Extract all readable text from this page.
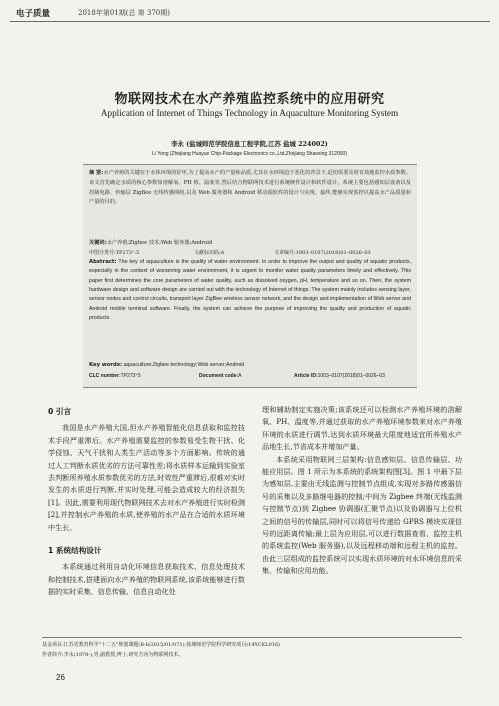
电子质量	2018年第01期(总 第 370期)
物联网技术在水产养殖监控系统中的应用研究
Application of Internet of Things Technology in Aquaculture Monitoring System
李永 (盐城师范学院信息工程学院,江苏 盐城 224002)
Li Yong (Zhejiang Huayue Chip-Package Electronics co.,Ltd,Zhejiang Shaoxing 312000)
摘 要:水产养殖的关键在于水体环境的好坏,为了提高水产的产量和品质,尤其在水环境趋于恶化的背景下,迫切需要及时有效地监控水质参数。该文首先确定水质的核心参数如溶解氧、PH 值、温度等,然后结合物联网技术进行系统硬件设计和软件设计。系统主要包括感知层设备以及控制电路、传输层 ZigBee 无线传感网络,以及 Web 服务器和 Android 移动端软件的设计与实现。最终,能够实现监控以提高水产品质量和产量的目的。
关键词:水产养殖;Zigbee 技术;Web 服务器;Android
中图分类号:TP273⁺.5	文献标识码:A	文章编号:1003–0107(2018)01–0026–03
Abstract: The key of aquaculture is the quality of water environment. In order to improve the output and quality of aquatic products, especially in the context of worsening water environment, it is urgent to monitor water quality parameters timely and effectively. This paper first determines the core parameters of water quality, such as dissolved oxygen, pH, temperature and so on. Then, the system hardware design and software design are carried out with the technology of Internet of things. The system mainly includes sensing layer, sensor nodes and control circuits, transport layer ZigBee wireless sensor network, and the design and implementation of Web server and Android mobile terminal software. Finally, the system can achieve the purpose of improving the quality and production of aquatic products.
Key words: aquaculture;Zigbee technology;Web server;Android
CLC number: TP273⁺5	Document code: A	Article ID: 1003–0107(2018)01–0026–03
0 引言

我国是水产养殖大国,但水产养殖智能化信息获取和监控技术手段严重滞后。水产养殖需要监控的参数易受生物干扰、化学侵蚀、天气干扰和人类生产活动等多个方面影响。传统的通过人工判断水质优劣的方法可靠性差;将水质样本运输到实验室去判断所养殖水质参数优劣的方法,时效性严重滞后,很难对实时发生的水质进行判断,并实时处理,可能会造成较大的经济损失[1]。因此,需要利用现代物联网技术去对水产养殖进行实时检测[2],并控制水产养殖的水质,使养殖的水产品在合适的水质环境中生长。

1 系统结构设计

本系统通过利用自动化环境信息获取技术、信息处理技术和控制技术,搭建面向水产养殖的物联网系统,该系统能够进行数据的实时采集、信息传输、信息自动化处

理和辅助制定实施决策;该系统还可以检测水产养殖环境的溶解氧、PH、温度等,并通过获取的水产养殖环境参数来对水产养殖环境的水质进行调节,达到水质环境最大限度地适宜所养殖水产品地生长,节省成本并增加产量。

本系统采用物联网三层架构:信息感知层、信息传输层、功能应用层。图 1 所示为本系统的系统架构图[3]。图 1 中最下层为感知层,主要由无线监测与控制节点组成,实现对多路传感器信号的采集以及多路继电器的控制;中间为 Zigbee 终端(无线监测与控制节点)到 Zigbee 协调器(汇聚节点)以及协调器与上位机之间的信号的传输层,同时可以将信号传递给 GPRS 模块实现信号的远距离传输;最上层为应用层,可以进行数据查看、监控主机的系统监控(Web 服务器),以及远程移动端和远程主机的监控。由此三层组成的监控系统可以实现水质环境的对水环境信息的采集、传输和应用功能。

基金项目:江苏省教育科学"十二五"规划课题(B-b/2015/01/071);盐城师范学院科学研究项目(14YCKL016)
作者简介:李永(1978-),男,副教授,博士,研究方向为物联网技术。
26
